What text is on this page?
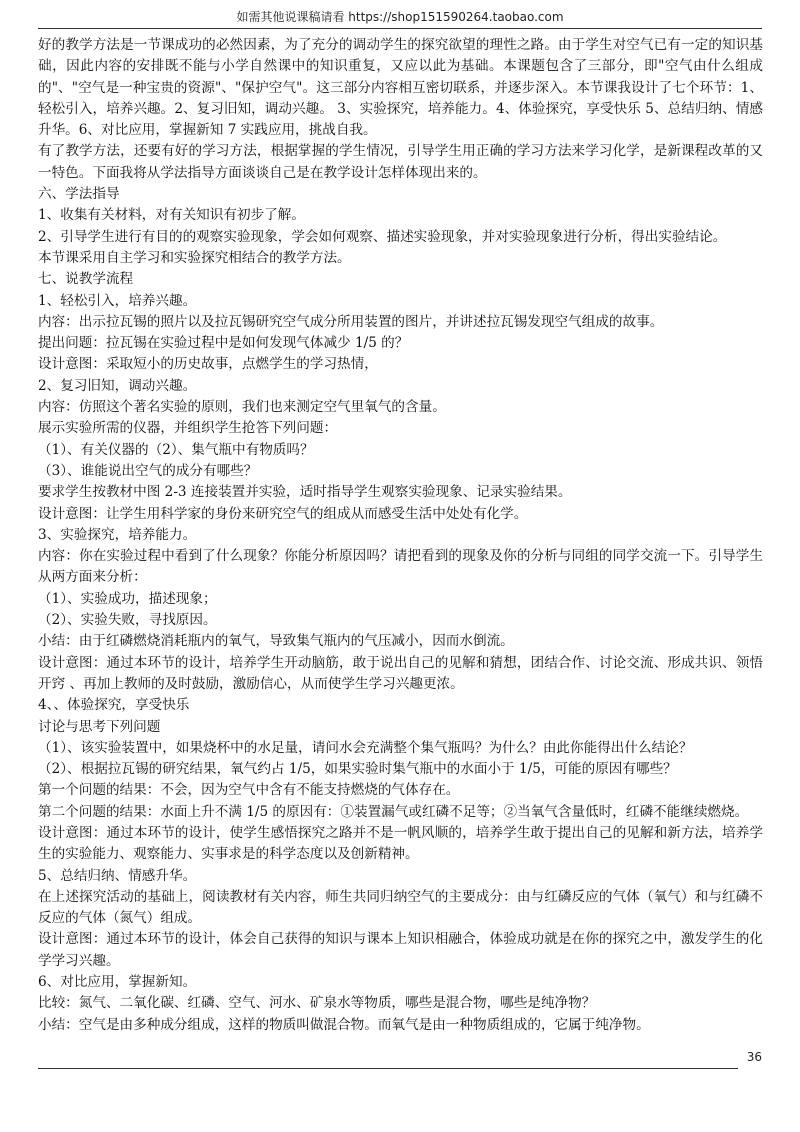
如需其他说课稿请看 https://shop151590264.taobao.com

好的教学方法是一节课成功的必然因素，为了充分的调动学生的探究欲望的理性之路。由于学生对空气已有一定的知识基础，因此内容的安排既不能与小学自然课中的知识重复，又应以此为基础。本课题包含了三部分，即"空气由什么组成的"、"空气是一种宝贵的资源"、"保护空气"。这三部分内容相互密切联系，并逐步深入。本节课我设计了七个环节：1、轻松引入，培养兴趣。2、复习旧知，调动兴趣。 3、实验探究，培养能力。4、体验探究，享受快乐 5、总结归纳、情感升华。6、对比应用，掌握新知 7 实践应用，挑战自我。

有了教学方法，还要有好的学习方法，根据掌握的学生情况，引导学生用正确的学习方法来学习化学，是新课程改革的又一特色。下面我将从学法指导方面谈谈自己是在教学设计怎样体现出来的。

六、学法指导

1、收集有关材料，对有关知识有初步了解。

2、引导学生进行有目的的观察实验现象，学会如何观察、描述实验现象，并对实验现象进行分析，得出实验结论。

本节课采用自主学习和实验探究相结合的教学方法。

七、说教学流程

1、轻松引入，培养兴趣。

内容：出示拉瓦锡的照片以及拉瓦锡研究空气成分所用装置的图片，并讲述拉瓦锡发现空气组成的故事。

提出问题：拉瓦锡在实验过程中是如何发现气体减少 1/5 的？

设计意图：采取短小的历史故事，点燃学生的学习热情，

2、复习旧知，调动兴趣。

内容：仿照这个著名实验的原则，我们也来测定空气里氧气的含量。

展示实验所需的仪器，并组织学生抢答下列问题：

（1）、有关仪器的（2）、集气瓶中有物质吗？

（3）、谁能说出空气的成分有哪些？

要求学生按教材中图 2-3 连接装置并实验，适时指导学生观察实验现象、记录实验结果。

设计意图：让学生用科学家的身份来研究空气的组成从而感受生活中处处有化学。

3、实验探究，培养能力。

内容：你在实验过程中看到了什么现象？你能分析原因吗？请把看到的现象及你的分析与同组的同学交流一下。引导学生从两方面来分析：

（1）、实验成功，描述现象；

（2）、实验失败，寻找原因。

小结：由于红磷燃烧消耗瓶内的氧气，导致集气瓶内的气压减小，因而水倒流。

设计意图：通过本环节的设计，培养学生开动脑筋，敢于说出自己的见解和猜想，团结合作、讨论交流、形成共识、领悟开窍 、再加上教师的及时鼓励，激励信心，从而使学生学习兴趣更浓。

4、、体验探究，享受快乐

讨论与思考下列问题

（1）、该实验装置中，如果烧杯中的水足量，请问水会充满整个集气瓶吗？为什么？由此你能得出什么结论？

（2）、根据拉瓦锡的研究结果，氧气约占 1/5，如果实验时集气瓶中的水面小于 1/5，可能的原因有哪些？

第一个问题的结果：不会，因为空气中含有不能支持燃烧的气体存在。

第二个问题的结果：水面上升不满 1/5 的原因有：①装置漏气或红磷不足等；②当氧气含量低时，红磷不能继续燃烧。

设计意图：通过本环节的设计，使学生感悟探究之路并不是一帆风顺的，培养学生敢于提出自己的见解和新方法，培养学生的实验能力、观察能力、实事求是的科学态度以及创新精神。

5、总结归纳、情感升华。

在上述探究活动的基础上，阅读教材有关内容，师生共同归纳空气的主要成分：由与红磷反应的气体（氧气）和与红磷不反应的气体（氮气）组成。

设计意图：通过本环节的设计，体会自己获得的知识与课本上知识相融合，体验成功就是在你的探究之中，激发学生的化学学习兴趣。

6、对比应用，掌握新知。

比较：氮气、二氧化碳、红磷、空气、河水、矿泉水等物质，哪些是混合物，哪些是纯净物？

小结：空气是由多种成分组成，这样的物质叫做混合物。而氧气是由一种物质组成的，它属于纯净物。

36
